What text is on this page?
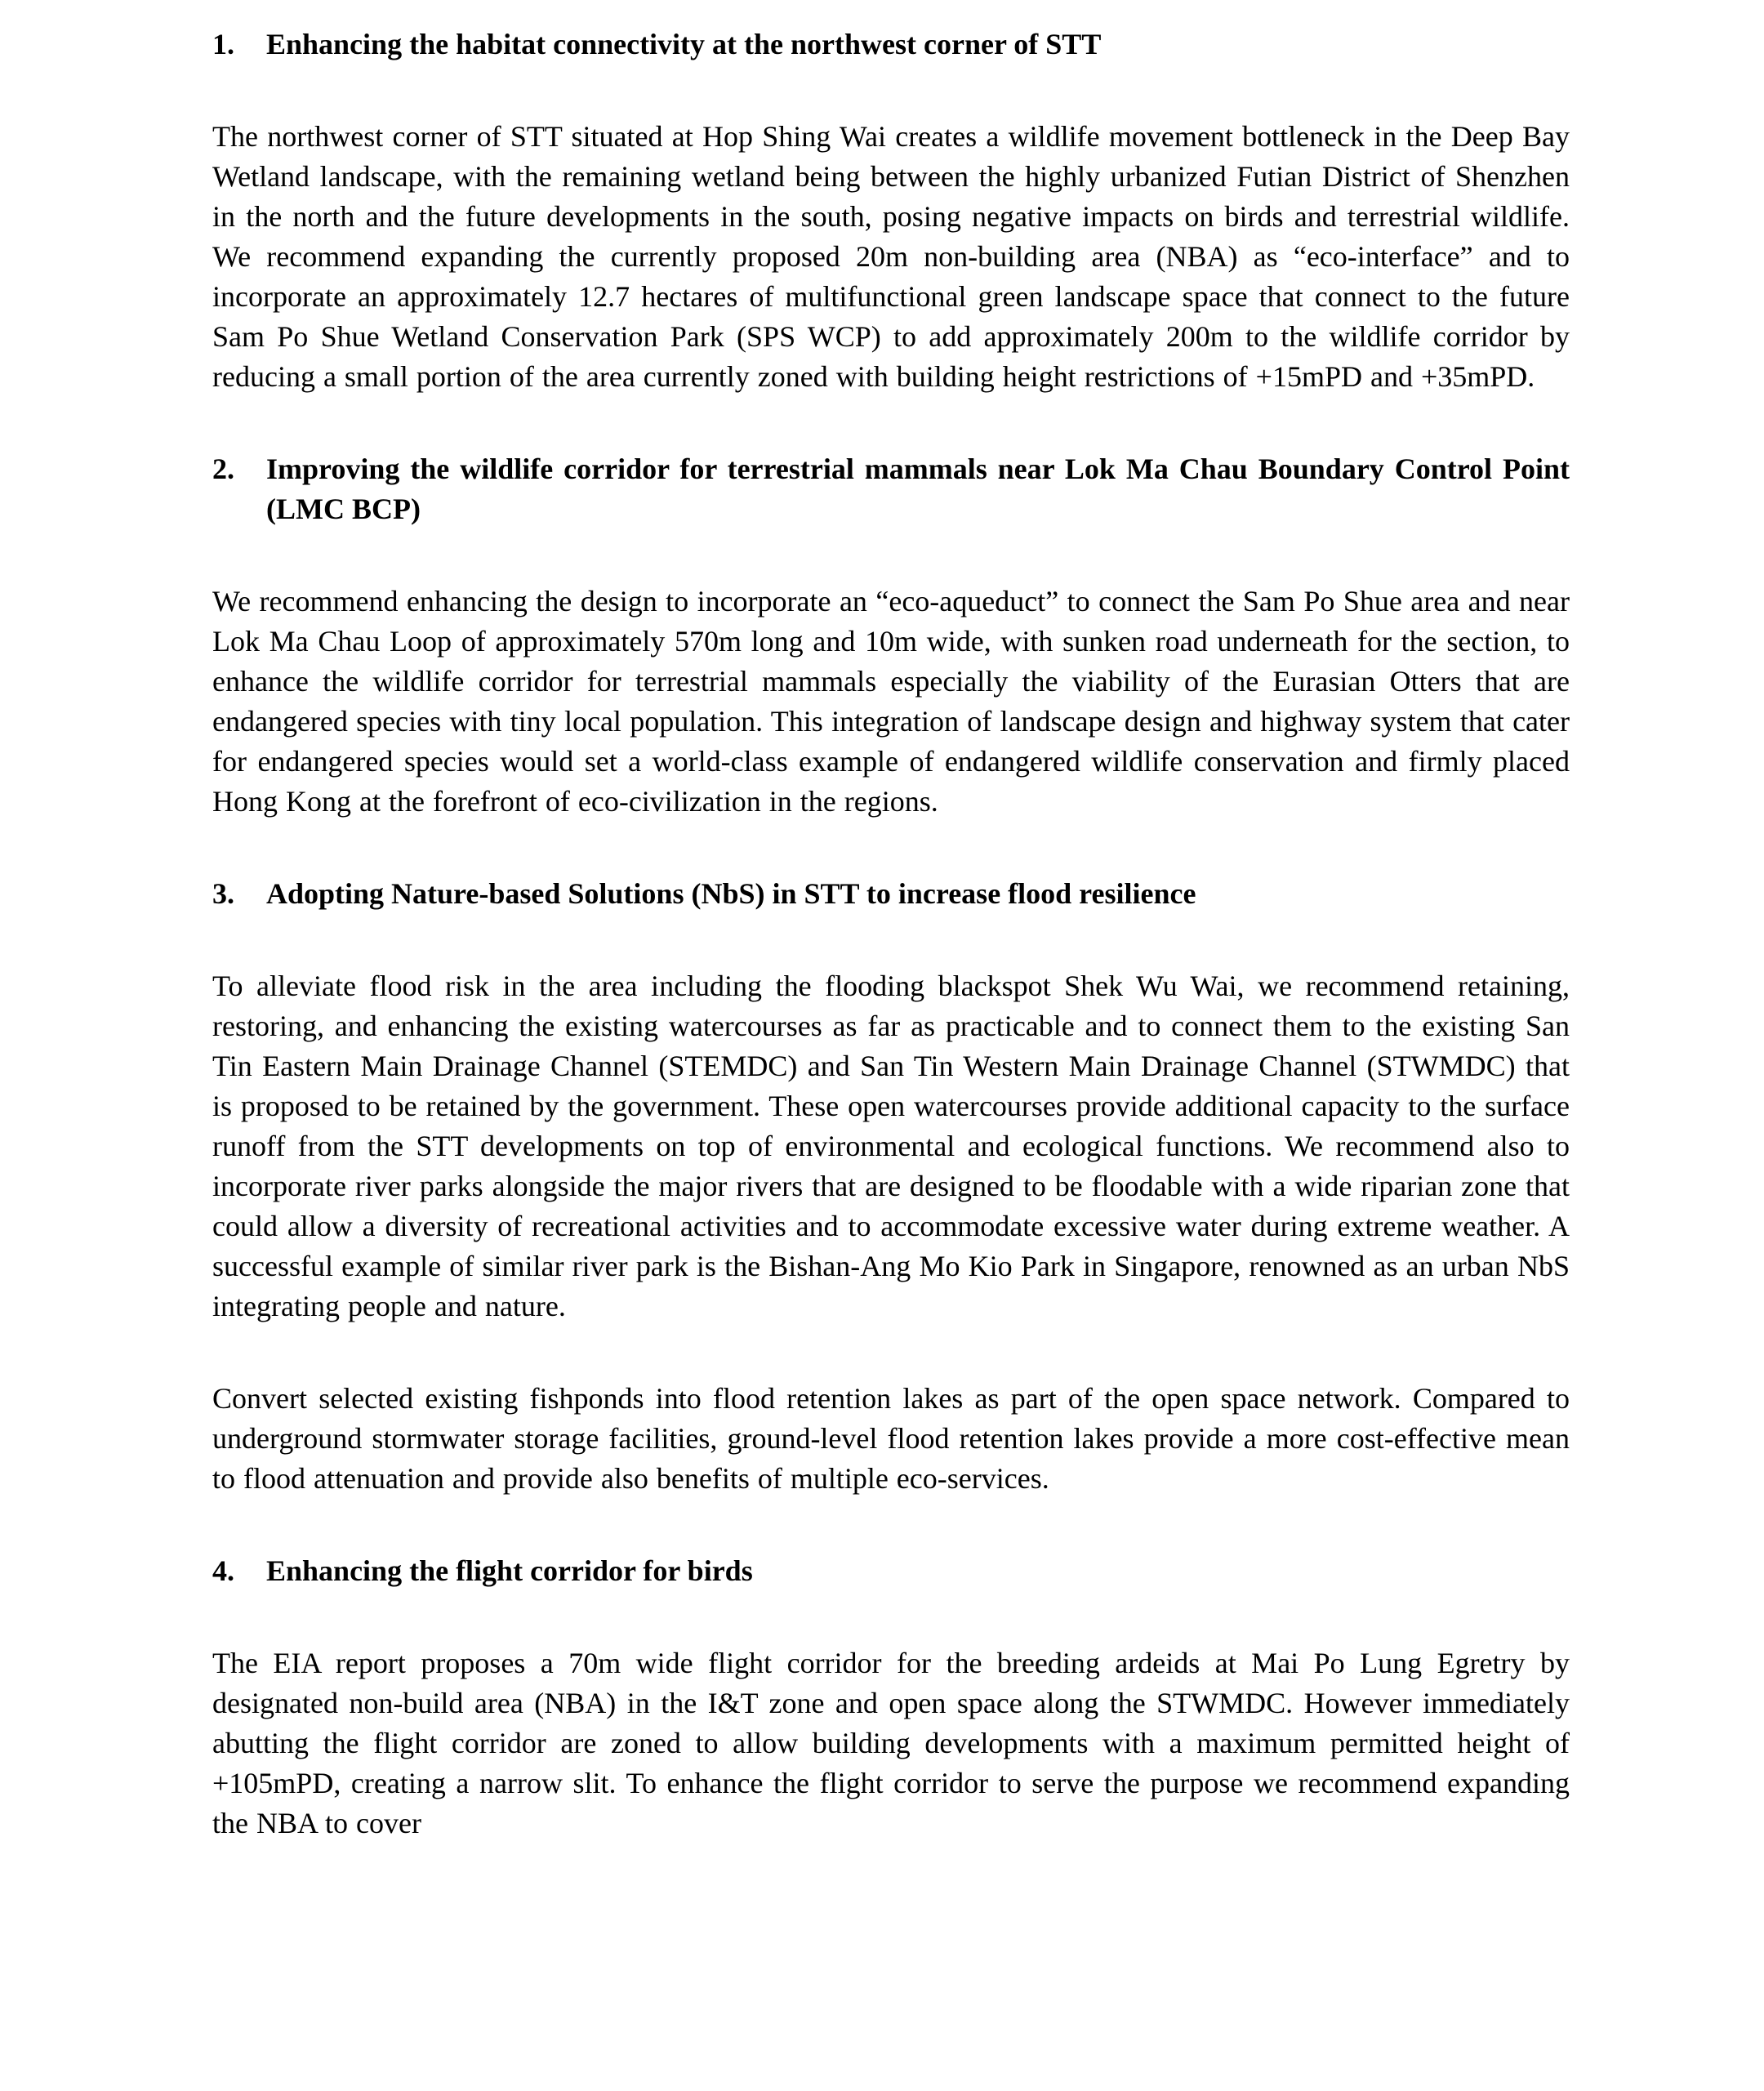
1.	Enhancing the habitat connectivity at the northwest corner of STT

The northwest corner of STT situated at Hop Shing Wai creates a wildlife movement bottleneck in the Deep Bay Wetland landscape, with the remaining wetland being between the highly urbanized Futian District of Shenzhen in the north and the future developments in the south, posing negative impacts on birds and terrestrial wildlife. We recommend expanding the currently proposed 20m non-building area (NBA) as “eco-interface” and to incorporate an approximately 12.7 hectares of multifunctional green landscape space that connect to the future Sam Po Shue Wetland Conservation Park (SPS WCP) to add approximately 200m to the wildlife corridor by reducing a small portion of the area currently zoned with building height restrictions of +15mPD and +35mPD.

2.	Improving the wildlife corridor for terrestrial mammals near Lok Ma Chau Boundary Control Point (LMC BCP)

We recommend enhancing the design to incorporate an “eco-aqueduct” to connect the Sam Po Shue area and near Lok Ma Chau Loop of approximately 570m long and 10m wide, with sunken road underneath for the section, to enhance the wildlife corridor for terrestrial mammals especially the viability of the Eurasian Otters that are endangered species with tiny local population. This integration of landscape design and highway system that cater for endangered species would set a world-class example of endangered wildlife conservation and firmly placed Hong Kong at the forefront of eco-civilization in the regions.

3.	Adopting Nature-based Solutions (NbS) in STT to increase flood resilience

To alleviate flood risk in the area including the flooding blackspot Shek Wu Wai, we recommend retaining, restoring, and enhancing the existing watercourses as far as practicable and to connect them to the existing San Tin Eastern Main Drainage Channel (STEMDC) and San Tin Western Main Drainage Channel (STWMDC) that is proposed to be retained by the government. These open watercourses provide additional capacity to the surface runoff from the STT developments on top of environmental and ecological functions. We recommend also to incorporate river parks alongside the major rivers that are designed to be floodable with a wide riparian zone that could allow a diversity of recreational activities and to accommodate excessive water during extreme weather. A successful example of similar river park is the Bishan-Ang Mo Kio Park in Singapore, renowned as an urban NbS integrating people and nature.

Convert selected existing fishponds into flood retention lakes as part of the open space network. Compared to underground stormwater storage facilities, ground-level flood retention lakes provide a more cost-effective mean to flood attenuation and provide also benefits of multiple eco-services.

4.	Enhancing the flight corridor for birds

The EIA report proposes a 70m wide flight corridor for the breeding ardeids at Mai Po Lung Egretry by designated non-build area (NBA) in the I&T zone and open space along the STWMDC. However immediately abutting the flight corridor are zoned to allow building developments with a maximum permitted height of +105mPD, creating a narrow slit. To enhance the flight corridor to serve the purpose we recommend expanding the NBA to cover
